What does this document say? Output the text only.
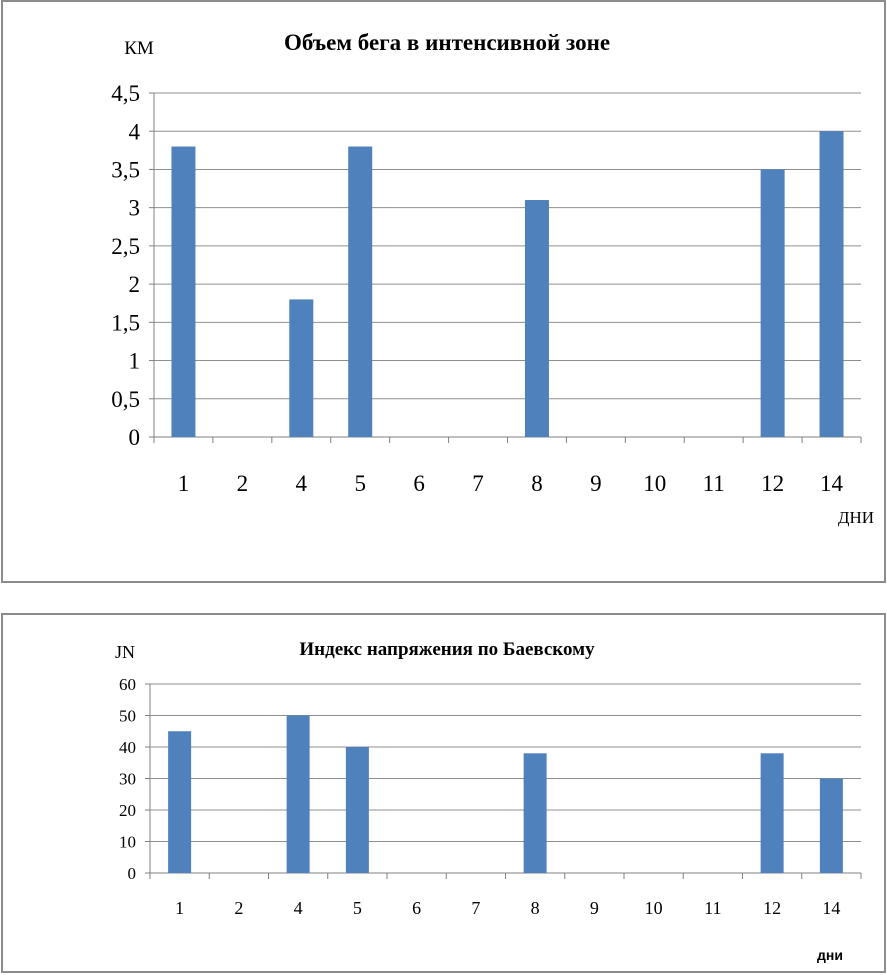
Объем бега в интенсивной зоне
КМ
ДНИ
0
0,5
1
1,5
2
2,5
3
3,5
4
4,5
1 2 4 5 6 7 8 9 10 11 12 14
Индекс напряжения по Баевскому
JN
дни
0
10
20
30
40
50
60
1	2	4	5	6	7	8	9	10 11 12 14
